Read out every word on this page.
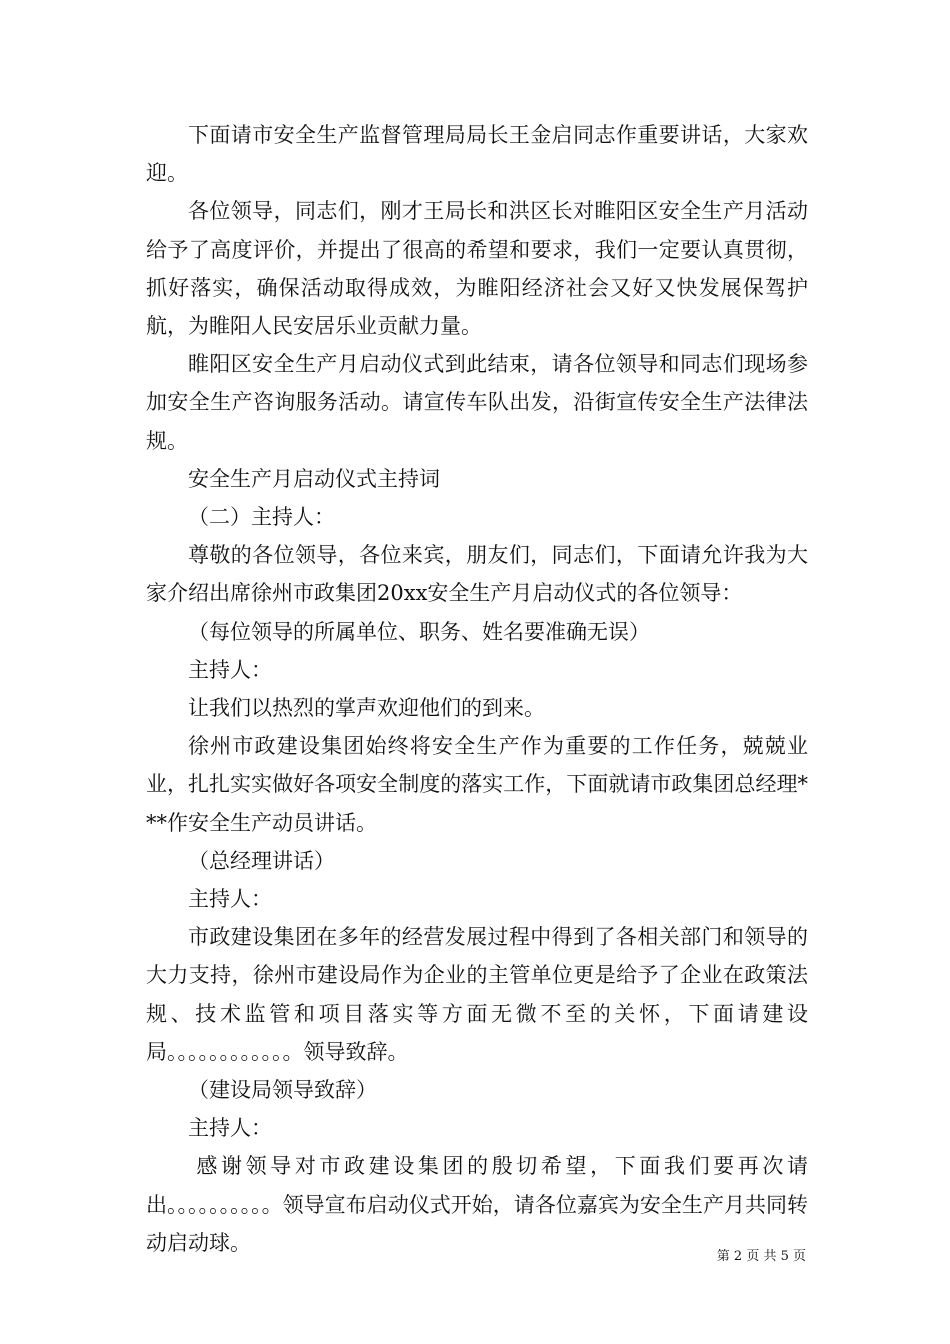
下面请市安全生产监督管理局局长王金启同志作重要讲话，大家欢迎。

各位领导，同志们，刚才王局长和洪区长对睢阳区安全生产月活动给予了高度评价，并提出了很高的希望和要求，我们一定要认真贯彻，抓好落实，确保活动取得成效，为睢阳经济社会又好又快发展保驾护航，为睢阳人民安居乐业贡献力量。

睢阳区安全生产月启动仪式到此结束，请各位领导和同志们现场参加安全生产咨询服务活动。请宣传车队出发，沿街宣传安全生产法律法规。

安全生产月启动仪式主持词

（二）主持人：

尊敬的各位领导，各位来宾，朋友们，同志们，下面请允许我为大家介绍出席徐州市政集团20xx安全生产月启动仪式的各位领导：

（每位领导的所属单位、职务、姓名要准确无误）

主持人：

让我们以热烈的掌声欢迎他们的到来。

徐州市政建设集团始终将安全生产作为重要的工作任务，兢兢业业，扎扎实实做好各项安全制度的落实工作，下面就请市政集团总经理***作安全生产动员讲话。

（总经理讲话）

主持人：

市政建设集团在多年的经营发展过程中得到了各相关部门和领导的大力支持，徐州市建设局作为企业的主管单位更是给予了企业在政策法规、技术监管和项目落实等方面无微不至的关怀，下面请建设局。。。。。。。。。。。。领导致辞。

（建设局领导致辞）

主持人：

感谢领导对市政建设集团的殷切希望，下面我们要再次请出。。。。。。。。。。领导宣布启动仪式开始，请各位嘉宾为安全生产月共同转动启动球。

第 2 页 共 5 页
